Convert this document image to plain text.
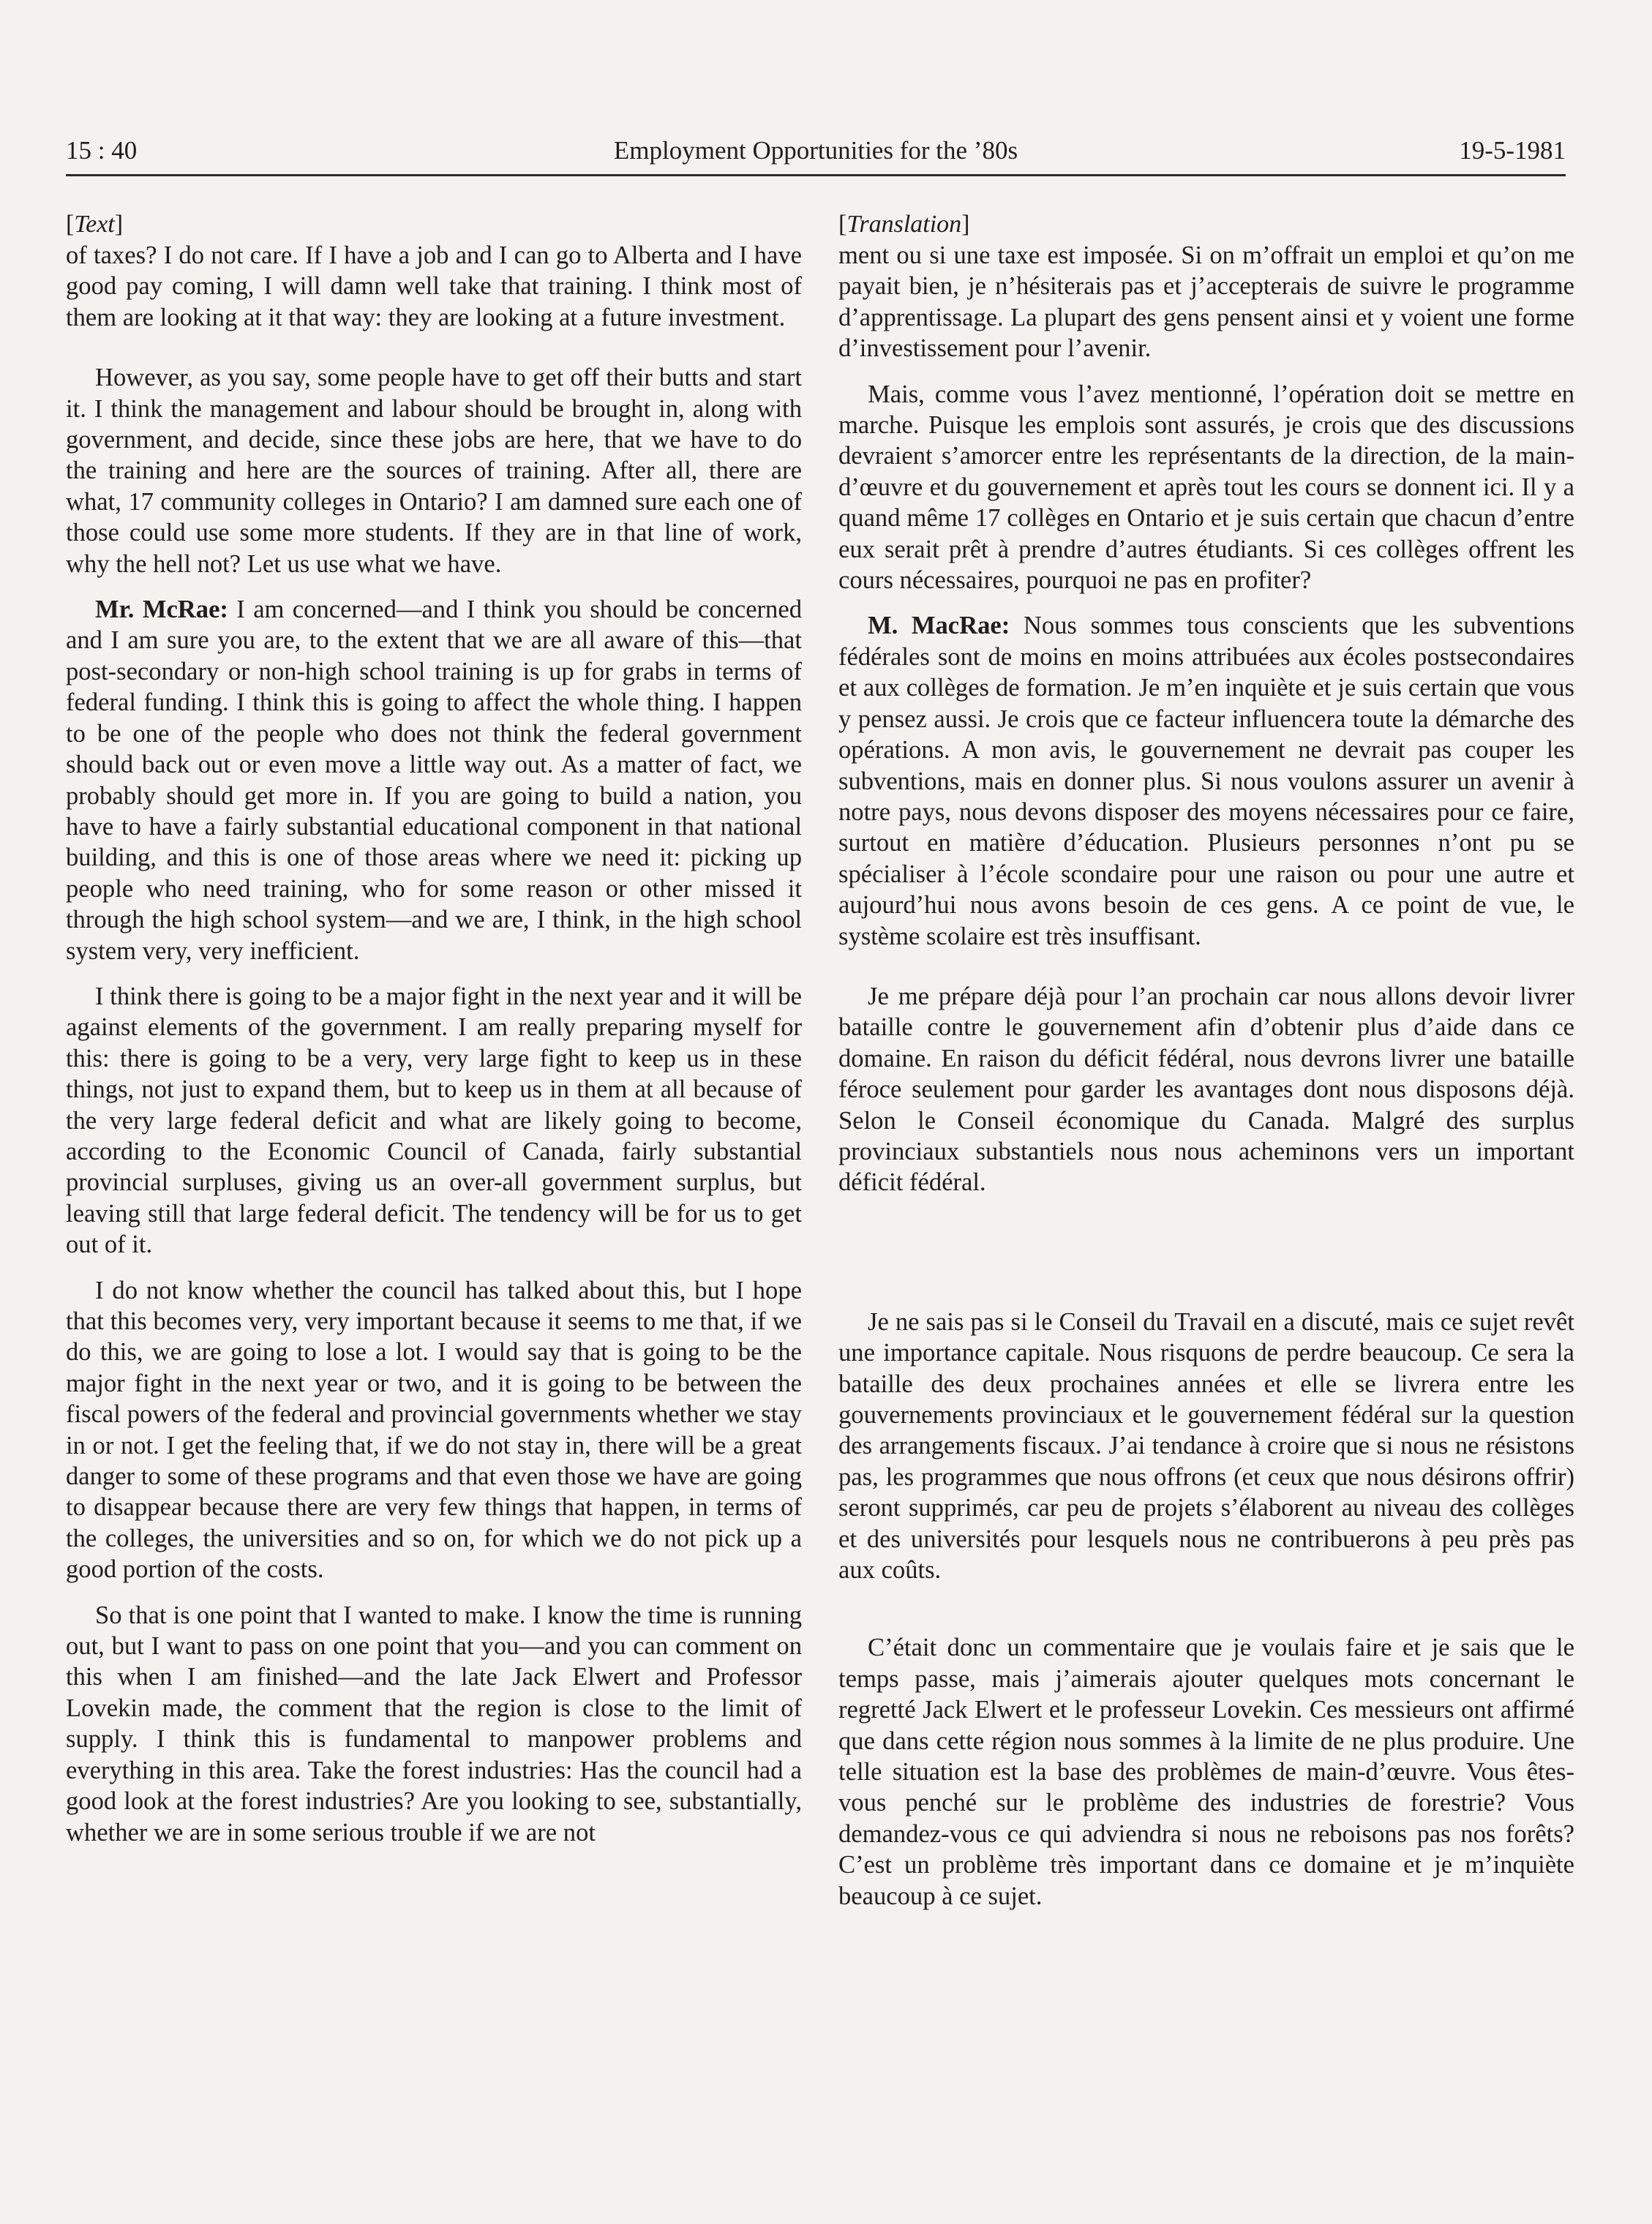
15 : 40	Employment Opportunities for the ’80s	19-5-1981
[Text]

of taxes? I do not care. If I have a job and I can go to Alberta and I have good pay coming, I will damn well take that training. I think most of them are looking at it that way: they are looking at a future investment.

However, as you say, some people have to get off their butts and start it. I think the management and labour should be brought in, along with government, and decide, since these jobs are here, that we have to do the training and here are the sources of training. After all, there are what, 17 community colleges in Ontario? I am damned sure each one of those could use some more students. If they are in that line of work, why the hell not? Let us use what we have.

Mr. McRae: I am concerned—and I think you should be concerned and I am sure you are, to the extent that we are all aware of this—that post-secondary or non-high school training is up for grabs in terms of federal funding. I think this is going to affect the whole thing. I happen to be one of the people who does not think the federal government should back out or even move a little way out. As a matter of fact, we probably should get more in. If you are going to build a nation, you have to have a fairly substantial educational component in that national building, and this is one of those areas where we need it: picking up people who need training, who for some reason or other missed it through the high school system—and we are, I think, in the high school system very, very inefficient.

I think there is going to be a major fight in the next year and it will be against elements of the government. I am really preparing myself for this: there is going to be a very, very large fight to keep us in these things, not just to expand them, but to keep us in them at all because of the very large federal deficit and what are likely going to become, according to the Economic Council of Canada, fairly substantial provincial surpluses, giving us an over-all government surplus, but leaving still that large federal deficit. The tendency will be for us to get out of it.

I do not know whether the council has talked about this, but I hope that this becomes very, very important because it seems to me that, if we do this, we are going to lose a lot. I would say that is going to be the major fight in the next year or two, and it is going to be between the fiscal powers of the federal and provincial governments whether we stay in or not. I get the feeling that, if we do not stay in, there will be a great danger to some of these programs and that even those we have are going to disappear because there are very few things that happen, in terms of the colleges, the universities and so on, for which we do not pick up a good portion of the costs.

So that is one point that I wanted to make. I know the time is running out, but I want to pass on one point that you—and you can comment on this when I am finished—and the late Jack Elwert and Professor Lovekin made, the comment that the region is close to the limit of supply. I think this is fundamental to manpower problems and everything in this area. Take the forest industries: Has the council had a good look at the forest industries? Are you looking to see, substantially, whether we are in some serious trouble if we are not

[Translation]

ment ou si une taxe est imposée. Si on m’offrait un emploi et qu’on me payait bien, je n’hésiterais pas et j’accepterais de suivre le programme d’apprentissage. La plupart des gens pensent ainsi et y voient une forme d’investissement pour l’avenir.

Mais, comme vous l’avez mentionné, l’opération doit se mettre en marche. Puisque les emplois sont assurés, je crois que des discussions devraient s’amorcer entre les représentants de la direction, de la main-d’œuvre et du gouvernement et après tout les cours se donnent ici. Il y a quand même 17 collèges en Ontario et je suis certain que chacun d’entre eux serait prêt à prendre d’autres étudiants. Si ces collèges offrent les cours nécessaires, pourquoi ne pas en profiter?

M. MacRae: Nous sommes tous conscients que les subventions fédérales sont de moins en moins attribuées aux écoles postsecondaires et aux collèges de formation. Je m’en inquiète et je suis certain que vous y pensez aussi. Je crois que ce facteur influencera toute la démarche des opérations. A mon avis, le gouvernement ne devrait pas couper les subventions, mais en donner plus. Si nous voulons assurer un avenir à notre pays, nous devons disposer des moyens nécessaires pour ce faire, surtout en matière d’éducation. Plusieurs personnes n’ont pu se spécialiser à l’école scondaire pour une raison ou pour une autre et aujourd’hui nous avons besoin de ces gens. A ce point de vue, le système scolaire est très insuffisant.

Je me prépare déjà pour l’an prochain car nous allons devoir livrer bataille contre le gouvernement afin d’obtenir plus d’aide dans ce domaine. En raison du déficit fédéral, nous devrons livrer une bataille féroce seulement pour garder les avantages dont nous disposons déjà. Selon le Conseil économique du Canada. Malgré des surplus provinciaux substantiels nous nous acheminons vers un important déficit fédéral.

Je ne sais pas si le Conseil du Travail en a discuté, mais ce sujet revêt une importance capitale. Nous risquons de perdre beaucoup. Ce sera la bataille des deux prochaines années et elle se livrera entre les gouvernements provinciaux et le gouvernement fédéral sur la question des arrangements fiscaux. J’ai tendance à croire que si nous ne résistons pas, les programmes que nous offrons (et ceux que nous désirons offrir) seront supprimés, car peu de projets s’élaborent au niveau des collèges et des universités pour lesquels nous ne contribuerons à peu près pas aux coûts.

C’était donc un commentaire que je voulais faire et je sais que le temps passe, mais j’aimerais ajouter quelques mots concernant le regretté Jack Elwert et le professeur Lovekin. Ces messieurs ont affirmé que dans cette région nous sommes à la limite de ne plus produire. Une telle situation est la base des problèmes de main-d’œuvre. Vous êtes-vous penché sur le problème des industries de forestrie? Vous demandez-vous ce qui adviendra si nous ne reboisons pas nos forêts? C’est un problème très important dans ce domaine et je m’inquiète beaucoup à ce sujet.
